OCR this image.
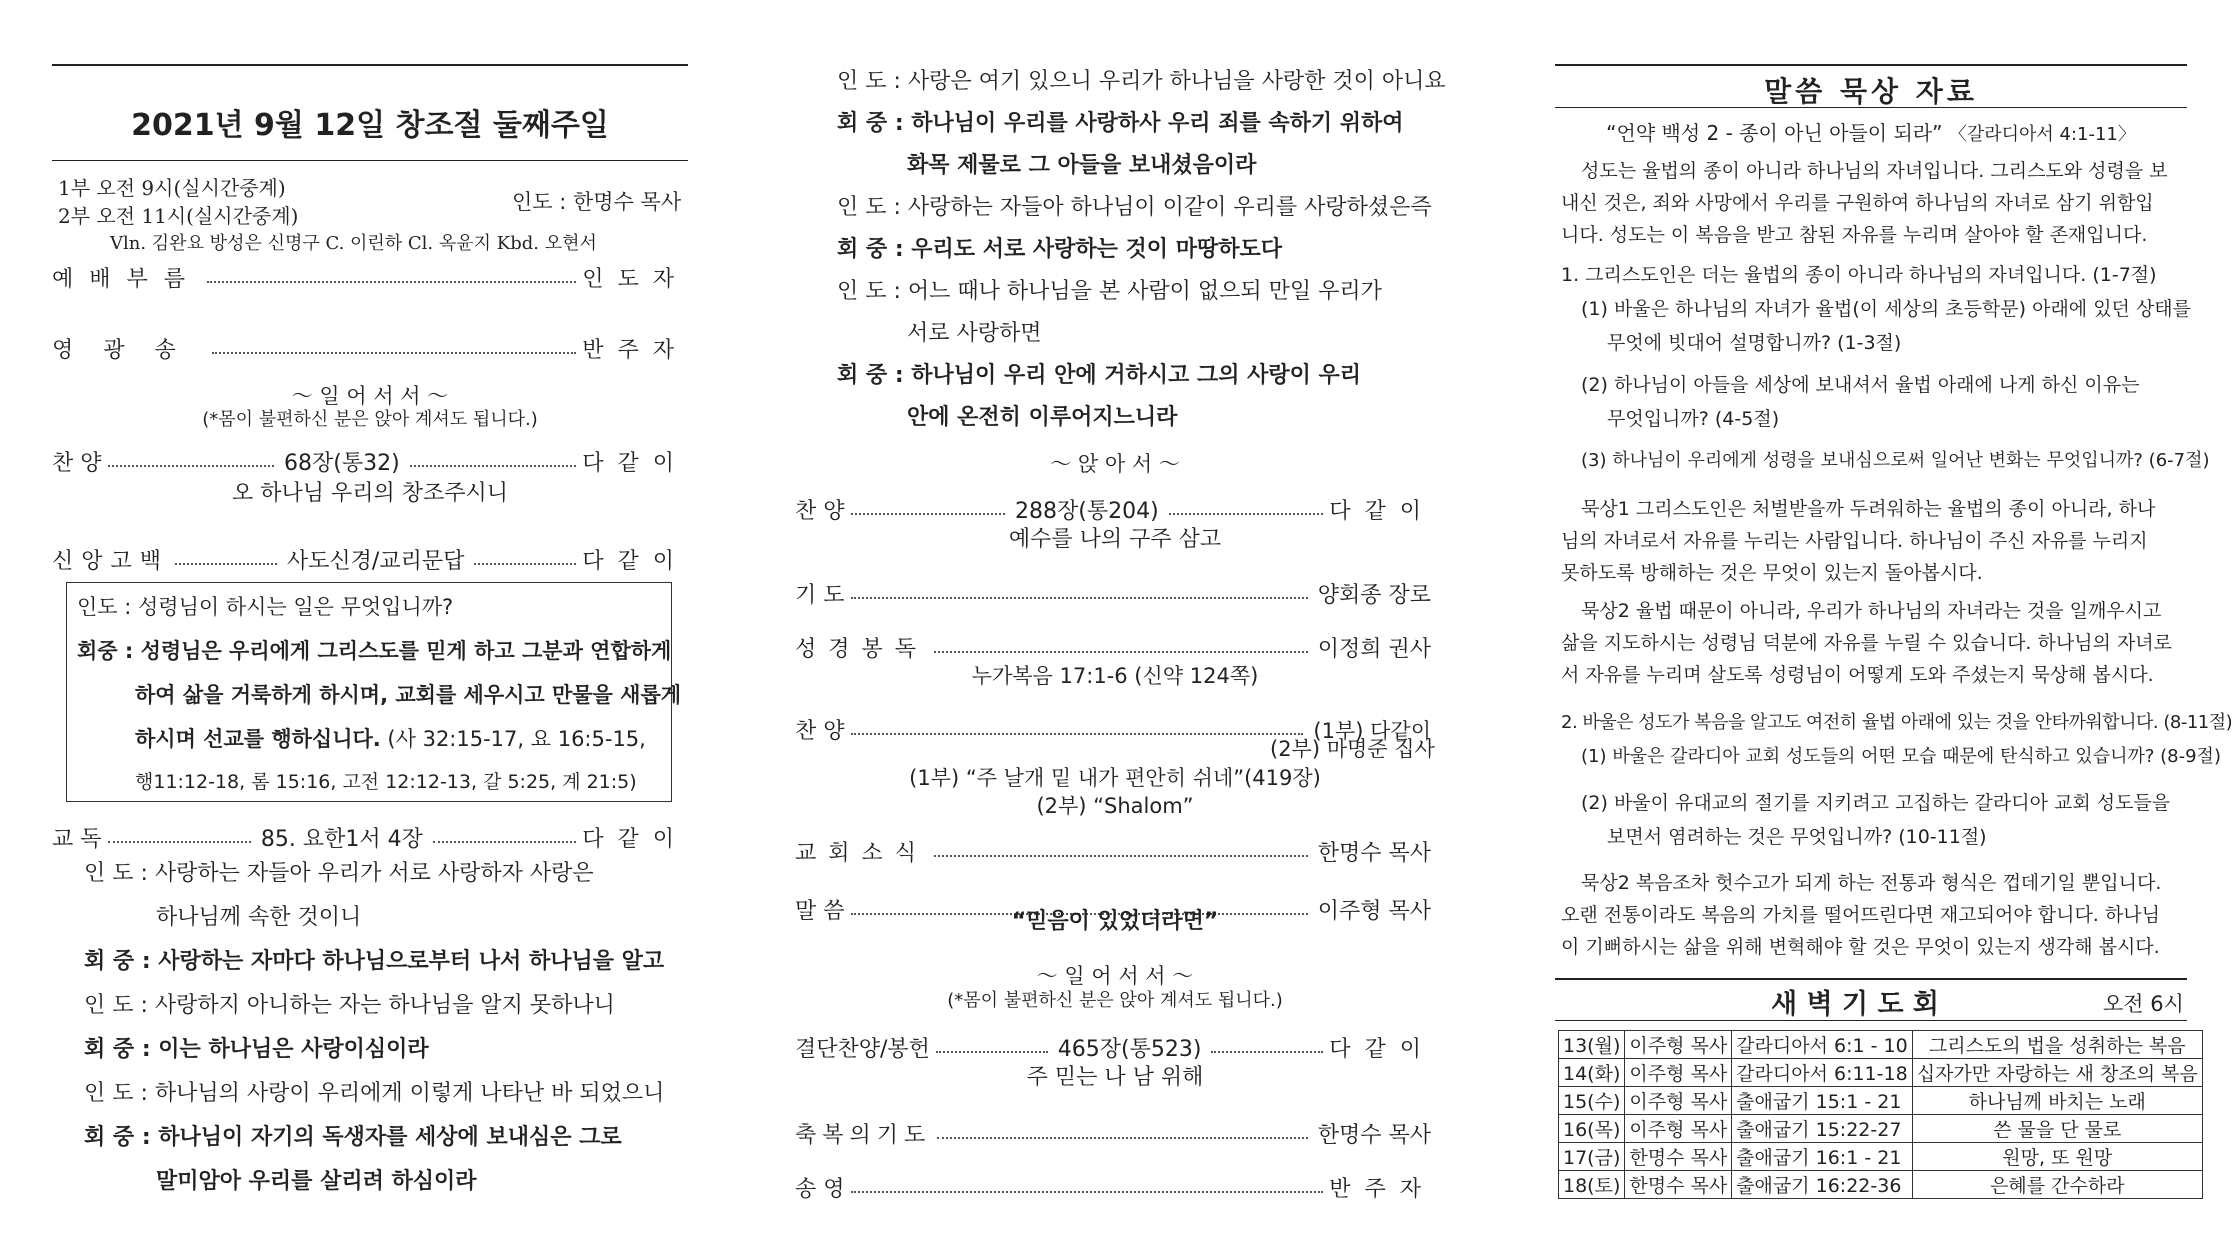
2021년 9월 12일 창조절 둘째주일
1부 오전 9시(실시간중계)
2부 오전 11시(실시간중계)
인도 : 한명수 목사
Vln. 김완요 방성은 신명구 C. 이린하 Cl. 옥윤지 Kbd. 오현서
예배부름	인도자
영광송	반주자
〜 일 어 서 서 〜
(*몸이 불편하신 분은 앉아 계셔도 됩니다.)
찬 양	68장(통32)	다같이
오 하나님 우리의 창조주시니
신앙고백	사도신경/교리문답	다같이
인도 : 성령님이 하시는 일은 무엇입니까?
회중 : 성령님은 우리에게 그리스도를 믿게 하고 그분과 연합하게
하여 삶을 거룩하게 하시며, 교회를 세우시고 만물을 새롭게
하시며 선교를 행하십니다. (사 32:15-17, 요 16:5-15,
행11:12-18, 롬 15:16, 고전 12:12-13, 갈 5:25, 계 21:5)
교 독	85. 요한1서 4장	다같이
인 도 : 사랑하는 자들아 우리가 서로 사랑하자 사랑은
하나님께 속한 것이니
회 중 : 사랑하는 자마다 하나님으로부터 나서 하나님을 알고
인 도 : 사랑하지 아니하는 자는 하나님을 알지 못하나니
회 중 : 이는 하나님은 사랑이심이라
인 도 : 하나님의 사랑이 우리에게 이렇게 나타난 바 되었으니
회 중 : 하나님이 자기의 독생자를 세상에 보내심은 그로
말미암아 우리를 살리려 하심이라
인 도 : 사랑은 여기 있으니 우리가 하나님을 사랑한 것이 아니요
회 중 : 하나님이 우리를 사랑하사 우리 죄를 속하기 위하여
화목 제물로 그 아들을 보내셨음이라
인 도 : 사랑하는 자들아 하나님이 이같이 우리를 사랑하셨은즉
회 중 : 우리도 서로 사랑하는 것이 마땅하도다
인 도 : 어느 때나 하나님을 본 사람이 없으되 만일 우리가
서로 사랑하면
회 중 : 하나님이 우리 안에 거하시고 그의 사랑이 우리
안에 온전히 이루어지느니라
〜 앉 아 서 〜
찬 양	288장(통204)	다같이
예수를 나의 구주 삼고
기 도	양회종 장로
성경봉독	이정희 권사
누가복음 17:1-6 (신약 124쪽)
찬 양	(1부) 다같이
(2부) 마명준 집사
(1부) “주 날개 밑 내가 편안히 쉬네”(419장)
(2부) “Shalom”
교회소식	한명수 목사
말 씀	이주형 목사
“믿음이 있었더라면”
〜 일 어 서 서 〜
(*몸이 불편하신 분은 앉아 계셔도 됩니다.)
결단찬양/봉헌	465장(통523)	다같이
주 믿는 나 남 위해
축복의기도	한명수 목사
송 영	반주자
말씀 묵상 자료
“언약 백성 2 - 종이 아닌 아들이 되라” 〈갈라디아서 4:1-11〉
성도는 율법의 종이 아니라 하나님의 자녀입니다. 그리스도와 성령을 보
내신 것은, 죄와 사망에서 우리를 구원하여 하나님의 자녀로 삼기 위함입
니다. 성도는 이 복음을 받고 참된 자유를 누리며 살아야 할 존재입니다.
1. 그리스도인은 더는 율법의 종이 아니라 하나님의 자녀입니다. (1-7절)
(1) 바울은 하나님의 자녀가 율법(이 세상의 초등학문) 아래에 있던 상태를
무엇에 빗대어 설명합니까? (1-3절)
(2) 하나님이 아들을 세상에 보내셔서 율법 아래에 나게 하신 이유는
무엇입니까? (4-5절)
(3) 하나님이 우리에게 성령을 보내심으로써 일어난 변화는 무엇입니까? (6-7절)
묵상1 그리스도인은 처벌받을까 두려워하는 율법의 종이 아니라, 하나
님의 자녀로서 자유를 누리는 사람입니다. 하나님이 주신 자유를 누리지
못하도록 방해하는 것은 무엇이 있는지 돌아봅시다.
묵상2 율법 때문이 아니라, 우리가 하나님의 자녀라는 것을 일깨우시고
삶을 지도하시는 성령님 덕분에 자유를 누릴 수 있습니다. 하나님의 자녀로
서 자유를 누리며 살도록 성령님이 어떻게 도와 주셨는지 묵상해 봅시다.
2. 바울은 성도가 복음을 알고도 여전히 율법 아래에 있는 것을 안타까워합니다. (8-11절)
(1) 바울은 갈라디아 교회 성도들의 어떤 모습 때문에 탄식하고 있습니까? (8-9절)
(2) 바울이 유대교의 절기를 지키려고 고집하는 갈라디아 교회 성도들을
보면서 염려하는 것은 무엇입니까? (10-11절)
묵상2 복음조차 헛수고가 되게 하는 전통과 형식은 껍데기일 뿐입니다.
오랜 전통이라도 복음의 가치를 떨어뜨린다면 재고되어야 합니다. 하나님
이 기뻐하시는 삶을 위해 변혁해야 할 것은 무엇이 있는지 생각해 봅시다.
새 벽 기 도 회	오전 6시
13(월)	이주형 목사	갈라디아서 6:1 - 10	그리스도의 법을 성취하는 복음
14(화)	이주형 목사	갈라디아서 6:11-18	십자가만 자랑하는 새 창조의 복음
15(수)	이주형 목사	출애굽기 15:1 - 21	하나님께 바치는 노래
16(목)	이주형 목사	출애굽기 15:22-27	쓴 물을 단 물로
17(금)	한명수 목사	출애굽기 16:1 - 21	원망, 또 원망
18(토)	한명수 목사	출애굽기 16:22-36	은혜를 간수하라
